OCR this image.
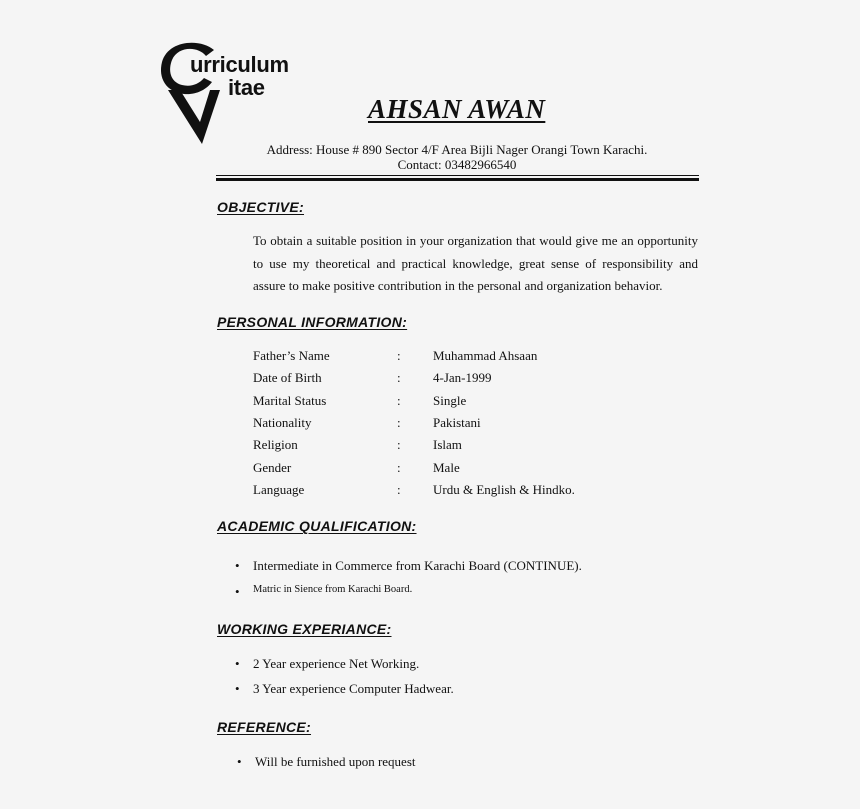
urriculum
itae
AHSAN AWAN
Address: House # 890 Sector 4/F Area Bijli Nager Orangi Town Karachi.
Contact: 03482966540
OBJECTIVE:
To obtain a suitable position in your organization that would give me an opportunity to use my theoretical and practical knowledge, great sense of responsibility and assure to make positive contribution in the personal and organization behavior.
PERSONAL INFORMATION:
Father’s Name	: Muhammad Ahsaan
Date of Birth	: 4-Jan-1999
Marital Status	: Single
Nationality	: Pakistani
Religion	: Islam
Gender	: Male
Language	: Urdu & English & Hindko.
ACADEMIC QUALIFICATION:
• Intermediate in Commerce from Karachi Board (CONTINUE).
• Matric in Sience from Karachi Board.
WORKING EXPERIANCE:
• 2 Year experience Net Working.
• 3 Year experience Computer Hadwear.
REFERENCE:
• Will be furnished upon request
